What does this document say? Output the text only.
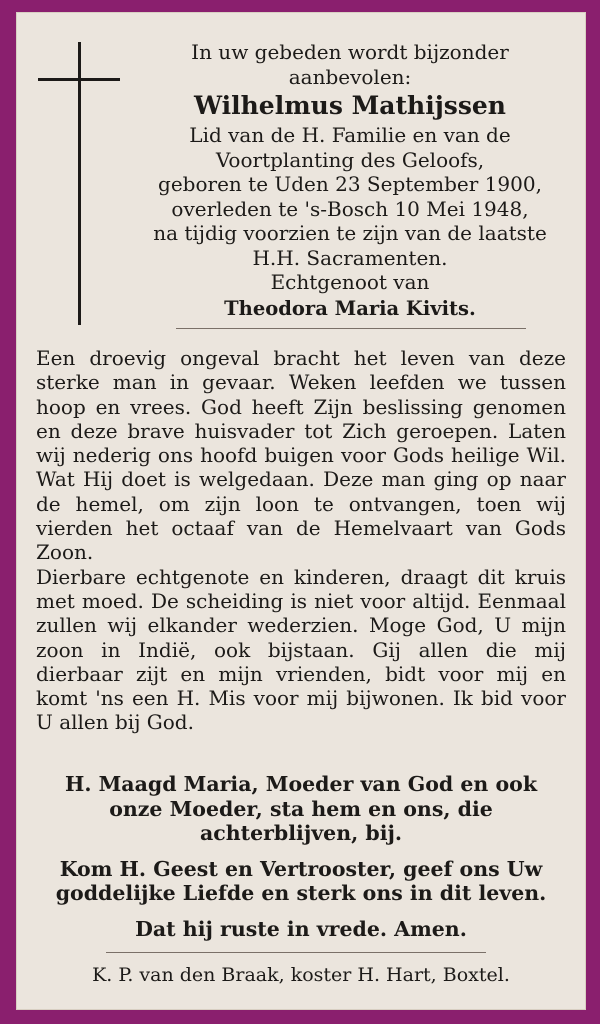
In uw gebeden wordt bijzonder aanbevolen:
Wilhelmus Mathijssen
Lid van de H. Familie en van de Voortplanting des Geloofs,
geboren te Uden 23 September 1900,
overleden te 's-Bosch 10 Mei 1948,
na tijdig voorzien te zijn van de laatste H.H. Sacramenten.
Echtgenoot van
Theodora Maria Kivits.

Een droevig ongeval bracht het leven van deze sterke man in gevaar. Weken leefden we tussen hoop en vrees. God heeft Zijn beslissing genomen en deze brave huisvader tot Zich geroepen. Laten wij nederig ons hoofd buigen voor Gods heilige Wil. Wat Hij doet is welgedaan. Deze man ging op naar de hemel, om zijn loon te ontvangen, toen wij vierden het octaaf van de Hemelvaart van Gods Zoon.

Dierbare echtgenote en kinderen, draagt dit kruis met moed. De scheiding is niet voor altijd. Eenmaal zullen wij elkander wederzien. Moge God, U mijn zoon in Indië, ook bijstaan. Gij allen die mij dierbaar zijt en mijn vrienden, bidt voor mij en komt 'ns een H. Mis voor mij bijwonen. Ik bid voor U allen bij God.

H. Maagd Maria, Moeder van God en ook onze Moeder, sta hem en ons, die achterblijven, bij.

Kom H. Geest en Vertrooster, geef ons Uw goddelijke Liefde en sterk ons in dit leven.

Dat hij ruste in vrede. Amen.

K. P. van den Braak, koster H. Hart, Boxtel.
